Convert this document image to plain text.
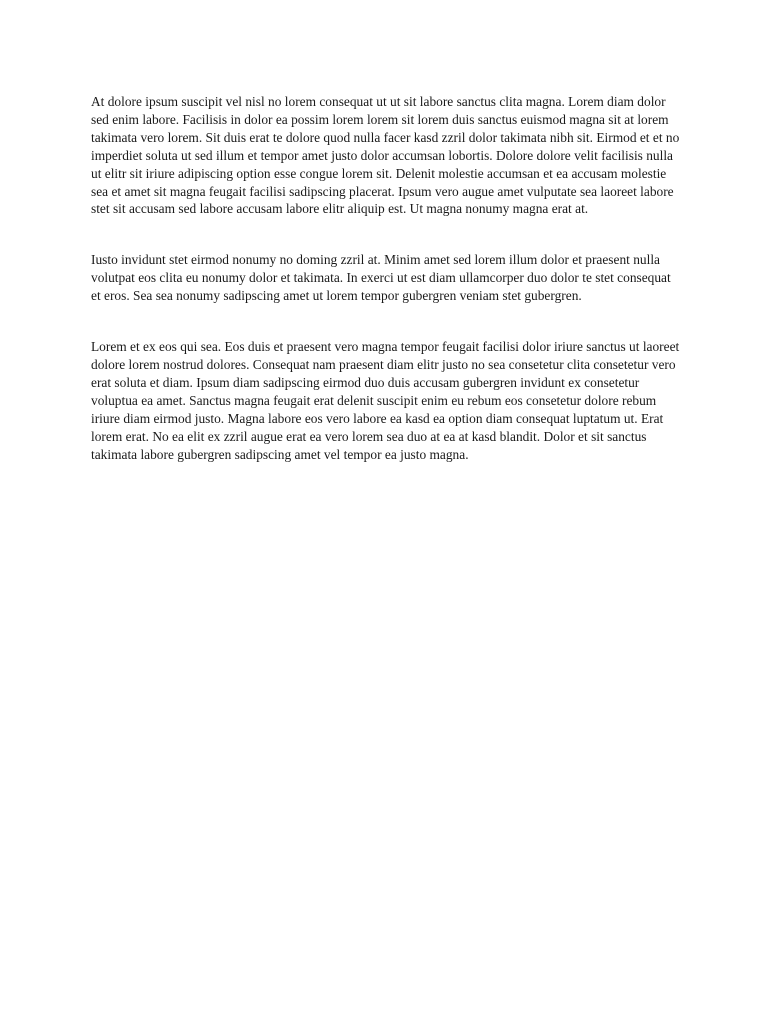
At dolore ipsum suscipit vel nisl no lorem consequat ut ut sit labore sanctus clita magna. Lorem diam dolor sed enim labore. Facilisis in dolor ea possim lorem lorem sit lorem duis sanctus euismod magna sit at lorem takimata vero lorem. Sit duis erat te dolore quod nulla facer kasd zzril dolor takimata nibh sit. Eirmod et et no imperdiet soluta ut sed illum et tempor amet justo dolor accumsan lobortis. Dolore dolore velit facilisis nulla ut elitr sit iriure adipiscing option esse congue lorem sit. Delenit molestie accumsan et ea accusam molestie sea et amet sit magna feugait facilisi sadipscing placerat. Ipsum vero augue amet vulputate sea laoreet labore stet sit accusam sed labore accusam labore elitr aliquip est. Ut magna nonumy magna erat at.

Iusto invidunt stet eirmod nonumy no doming zzril at. Minim amet sed lorem illum dolor et praesent nulla volutpat eos clita eu nonumy dolor et takimata. In exerci ut est diam ullamcorper duo dolor te stet consequat et eros. Sea sea nonumy sadipscing amet ut lorem tempor gubergren veniam stet gubergren.

Lorem et ex eos qui sea. Eos duis et praesent vero magna tempor feugait facilisi dolor iriure sanctus ut laoreet dolore lorem nostrud dolores. Consequat nam praesent diam elitr justo no sea consetetur clita consetetur vero erat soluta et diam. Ipsum diam sadipscing eirmod duo duis accusam gubergren invidunt ex consetetur voluptua ea amet. Sanctus magna feugait erat delenit suscipit enim eu rebum eos consetetur dolore rebum iriure diam eirmod justo. Magna labore eos vero labore ea kasd ea option diam consequat luptatum ut. Erat lorem erat. No ea elit ex zzril augue erat ea vero lorem sea duo at ea at kasd blandit. Dolor et sit sanctus takimata labore gubergren sadipscing amet vel tempor ea justo magna.
